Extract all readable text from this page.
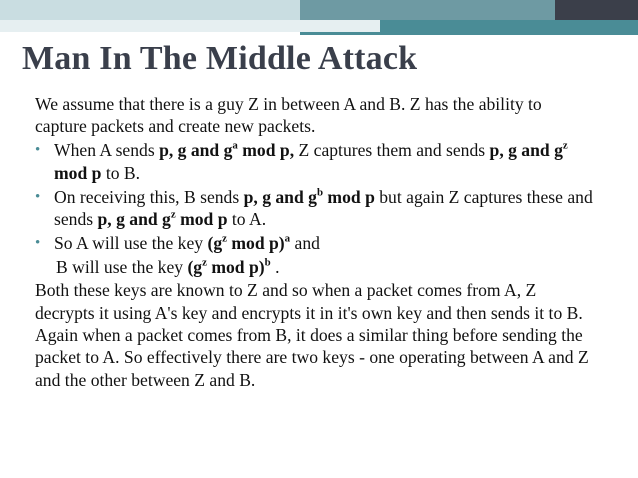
Man In The Middle Attack

We assume that there is a guy Z in between A and B. Z has the ability to capture packets and create new packets.

• When A sends p, g and $g^a$ mod p, Z captures them and sends p, g and $g^z$ mod p to B.

• On receiving this, B sends p, g and $g^b$ mod p but again Z captures these and sends p, g and $g^z$ mod p to A.

• So A will use the key ($g^z$ mod p)$^a$ and

B will use the key ($g^z$ mod p)$^b$ .

Both these keys are known to Z and so when a packet comes from A, Z decrypts it using A's key and encrypts it in it's own key and then sends it to B. Again when a packet comes from B, it does a similar thing before sending the packet to A. So effectively there are two keys - one operating between A and Z and the other between Z and B.
